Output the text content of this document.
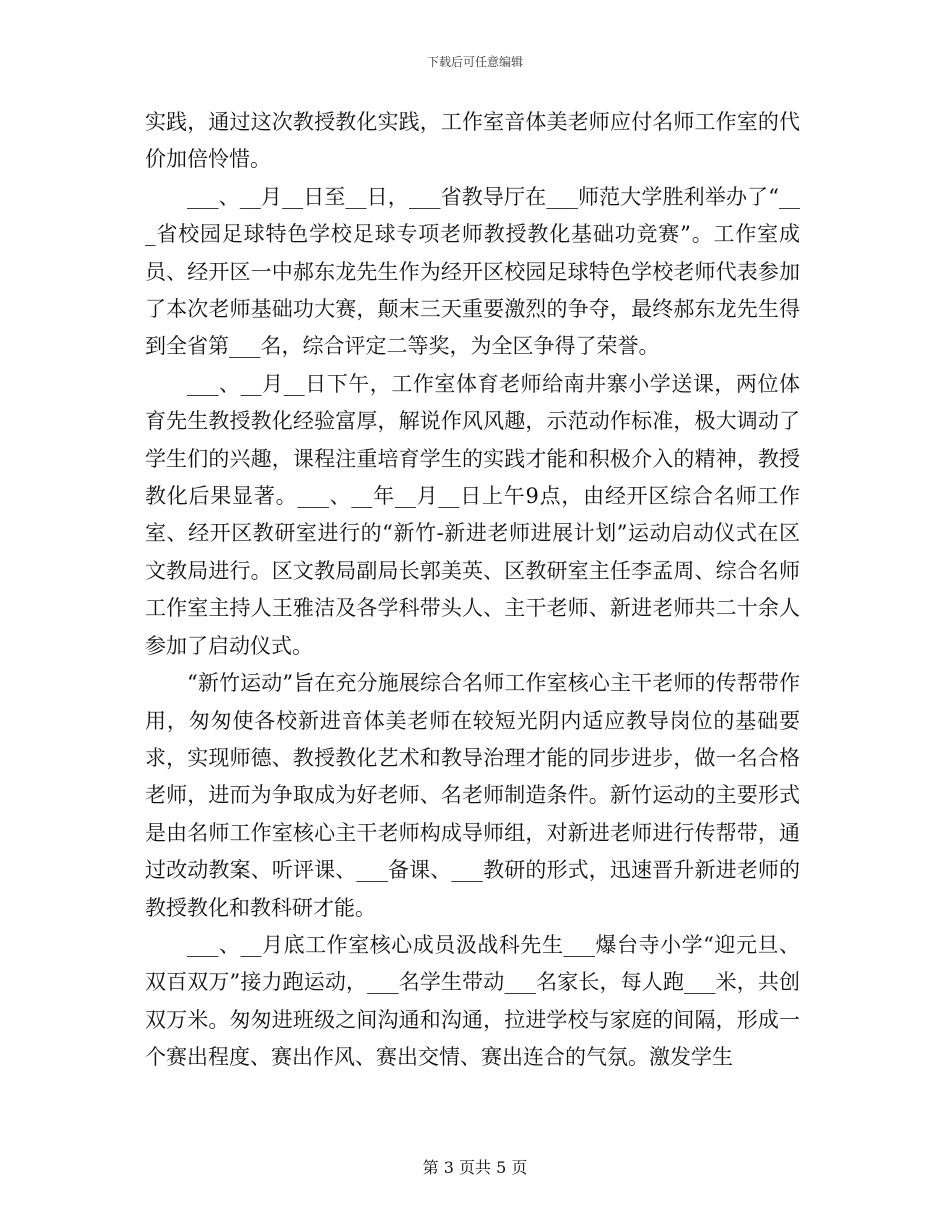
下载后可任意编辑

实践，通过这次教授教化实践，工作室音体美老师应付名师工作室的代价加倍怜惜。

___、__月__日至__日，___省教导厅在___师范大学胜利举办了“___省校园足球特色学校足球专项老师教授教化基础功竞赛”。工作室成员、经开区一中郝东龙先生作为经开区校园足球特色学校老师代表参加了本次老师基础功大赛，颠末三天重要激烈的争夺，最终郝东龙先生得到全省第___名，综合评定二等奖，为全区争得了荣誉。

___、__月__日下午，工作室体育老师给南井寨小学送课，两位体育先生教授教化经验富厚，解说作风风趣，示范动作标准，极大调动了学生们的兴趣，课程注重培育学生的实践才能和积极介入的精神，教授教化后果显著。___、__年__月__日上午9点，由经开区综合名师工作室、经开区教研室进行的“新竹-新进老师进展计划”运动启动仪式在区文教局进行。区文教局副局长郭美英、区教研室主任李孟周、综合名师工作室主持人王雅洁及各学科带头人、主干老师、新进老师共二十余人参加了启动仪式。

“新竹运动”旨在充分施展综合名师工作室核心主干老师的传帮带作用，匆匆使各校新进音体美老师在较短光阴内适应教导岗位的基础要求，实现师德、教授教化艺术和教导治理才能的同步进步，做一名合格老师，进而为争取成为好老师、名老师制造条件。新竹运动的主要形式是由名师工作室核心主干老师构成导师组，对新进老师进行传帮带，通过改动教案、听评课、___备课、___教研的形式，迅速晋升新进老师的教授教化和教科研才能。

___、__月底工作室核心成员汲战科先生___爆台寺小学“迎元旦、双百双万”接力跑运动，___名学生带动___名家长，每人跑___米，共创双万米。匆匆进班级之间沟通和沟通，拉进学校与家庭的间隔，形成一个赛出程度、赛出作风、赛出交情、赛出连合的气氛。激发学生

第 3 页共 5 页
